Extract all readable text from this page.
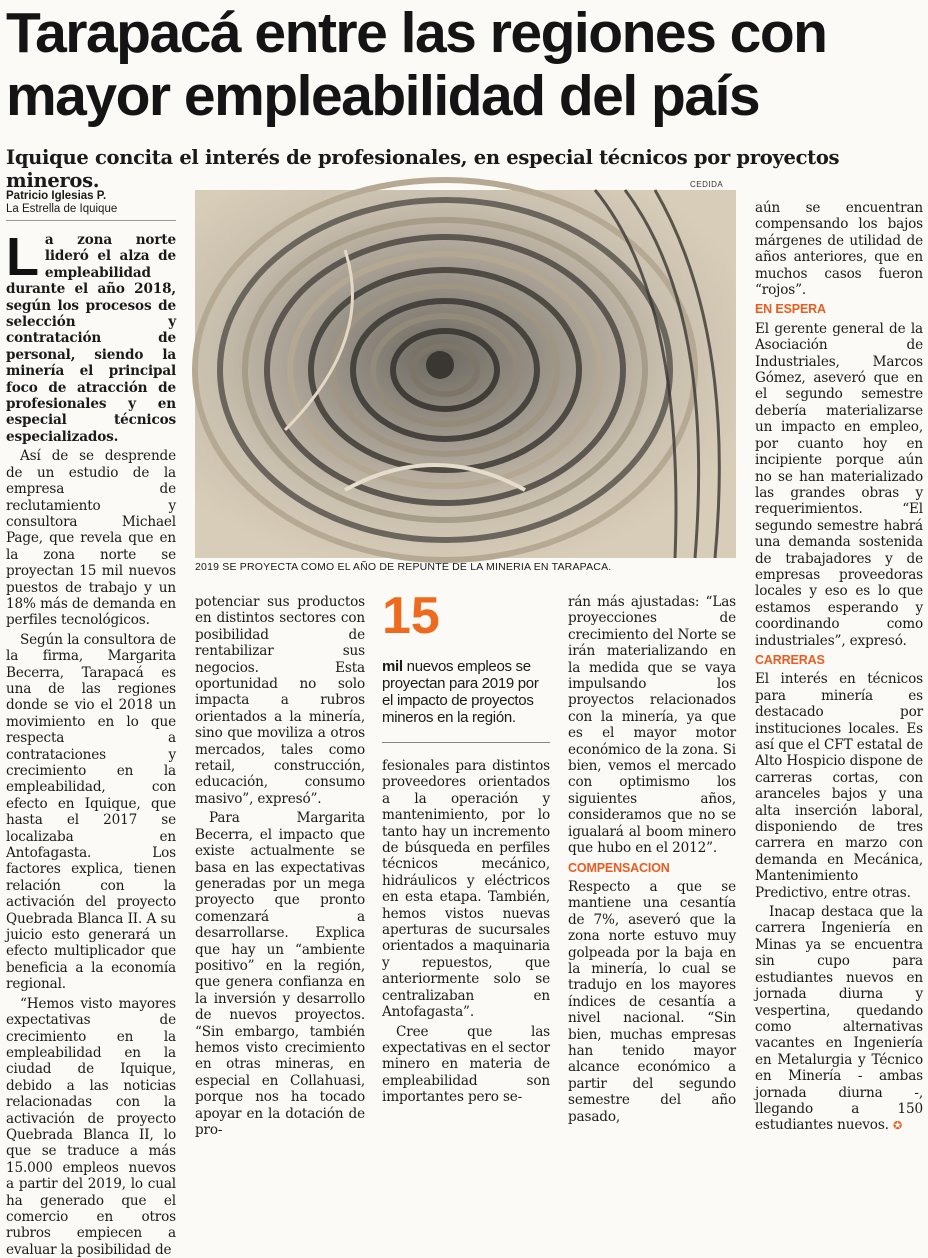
Tarapacá entre las regiones con mayor empleabilidad del país
Iquique concita el interés de profesionales, en especial técnicos por proyectos mineros.
Patricio Iglesias P.
La Estrella de Iquique

La zona norte lideró el alza de empleabilidad durante el año 2018, según los procesos de selección y contratación de personal, siendo la minería el principal foco de atracción de profesionales y en especial técnicos especializados.

Así de se desprende de un estudio de la empresa de reclutamiento y consultora Michael Page, que revela que en la zona norte se proyectan 15 mil nuevos puestos de trabajo y un 18% más de demanda en perfiles tecnológicos.

Según la consultora de la firma, Margarita Becerra, Tarapacá es una de las regiones donde se vio el 2018 un movimiento en lo que respecta a contrataciones y crecimiento en la empleabilidad, con efecto en Iquique, que hasta el 2017 se localizaba en Antofagasta. Los factores explica, tienen relación con la activación del proyecto Quebrada Blanca II. A su juicio esto generará un efecto multiplicador que beneficia a la economía regional.

“Hemos visto mayores expectativas de crecimiento en la empleabilidad en la ciudad de Iquique, debido a las noticias relacionadas con la activación de proyecto Quebrada Blanca II, lo que se traduce a más 15.000 empleos nuevos a partir del 2019, lo cual ha generado que el comercio en otros rubros empiecen a evaluar la posibilidad de

CEDIDA
2019 SE PROYECTA COMO EL AÑO DE REPUNTE DE LA MINERIA EN TARAPACA.

potenciar sus productos en distintos sectores con posibilidad de rentabilizar sus negocios. Esta oportunidad no solo impacta a rubros orientados a la minería, sino que moviliza a otros mercados, tales como retail, construcción, educación, consumo masivo”, expresó”.

Para Margarita Becerra, el impacto que existe actualmente se basa en las expectativas generadas por un mega proyecto que pronto comenzará a desarrollarse. Explica que hay un “ambiente positivo” en la región, que genera confianza en la inversión y desarrollo de nuevos proyectos. “Sin embargo, también hemos visto crecimiento en otras mineras, en especial en Collahuasi, porque nos ha tocado apoyar en la dotación de pro-

15
mil nuevos empleos se proyectan para 2019 por el impacto de proyectos mineros en la región.

fesionales para distintos proveedores orientados a la operación y mantenimiento, por lo tanto hay un incremento de búsqueda en perfiles técnicos mecánico, hidráulicos y eléctricos en esta etapa. También, hemos vistos nuevas aperturas de sucursales orientados a maquinaria y repuestos, que anteriormente solo se centralizaban en Antofagasta”.

Cree que las expectativas en el sector minero en materia de empleabilidad son importantes pero se-

rán más ajustadas: “Las proyecciones de crecimiento del Norte se irán materializando en la medida que se vaya impulsando los proyectos relacionados con la minería, ya que es el mayor motor económico de la zona. Si bien, vemos el mercado con optimismo los siguientes años, consideramos que no se igualará al boom minero que hubo en el 2012”.

COMPENSACION

Respecto a que se mantiene una cesantía de 7%, aseveró que la zona norte estuvo muy golpeada por la baja en la minería, lo cual se tradujo en los mayores índices de cesantía a nivel nacional. “Sin bien, muchas empresas han tenido mayor alcance económico a partir del segundo semestre del año pasado,

aún se encuentran compensando los bajos márgenes de utilidad de años anteriores, que en muchos casos fueron “rojos”.

EN ESPERA

El gerente general de la Asociación de Industriales, Marcos Gómez, aseveró que en el segundo semestre debería materializarse un impacto en empleo, por cuanto hoy en incipiente porque aún no se han materializado las grandes obras y requerimientos. “El segundo semestre habrá una demanda sostenida de trabajadores y de empresas proveedoras locales y eso es lo que estamos esperando y coordinando como industriales”, expresó.

CARRERAS

El interés en técnicos para minería es destacado por instituciones locales. Es así que el CFT estatal de Alto Hospicio dispone de carreras cortas, con aranceles bajos y una alta inserción laboral, disponiendo de tres carrera en marzo con demanda en Mecánica, Mantenimiento Predictivo, entre otras.

Inacap destaca que la carrera Ingeniería en Minas ya se encuentra sin cupo para estudiantes nuevos en jornada diurna y vespertina, quedando como alternativas vacantes en Ingeniería en Metalurgia y Técnico en Minería - ambas jornada diurna -, llegando a 150 estudiantes nuevos. ✪
